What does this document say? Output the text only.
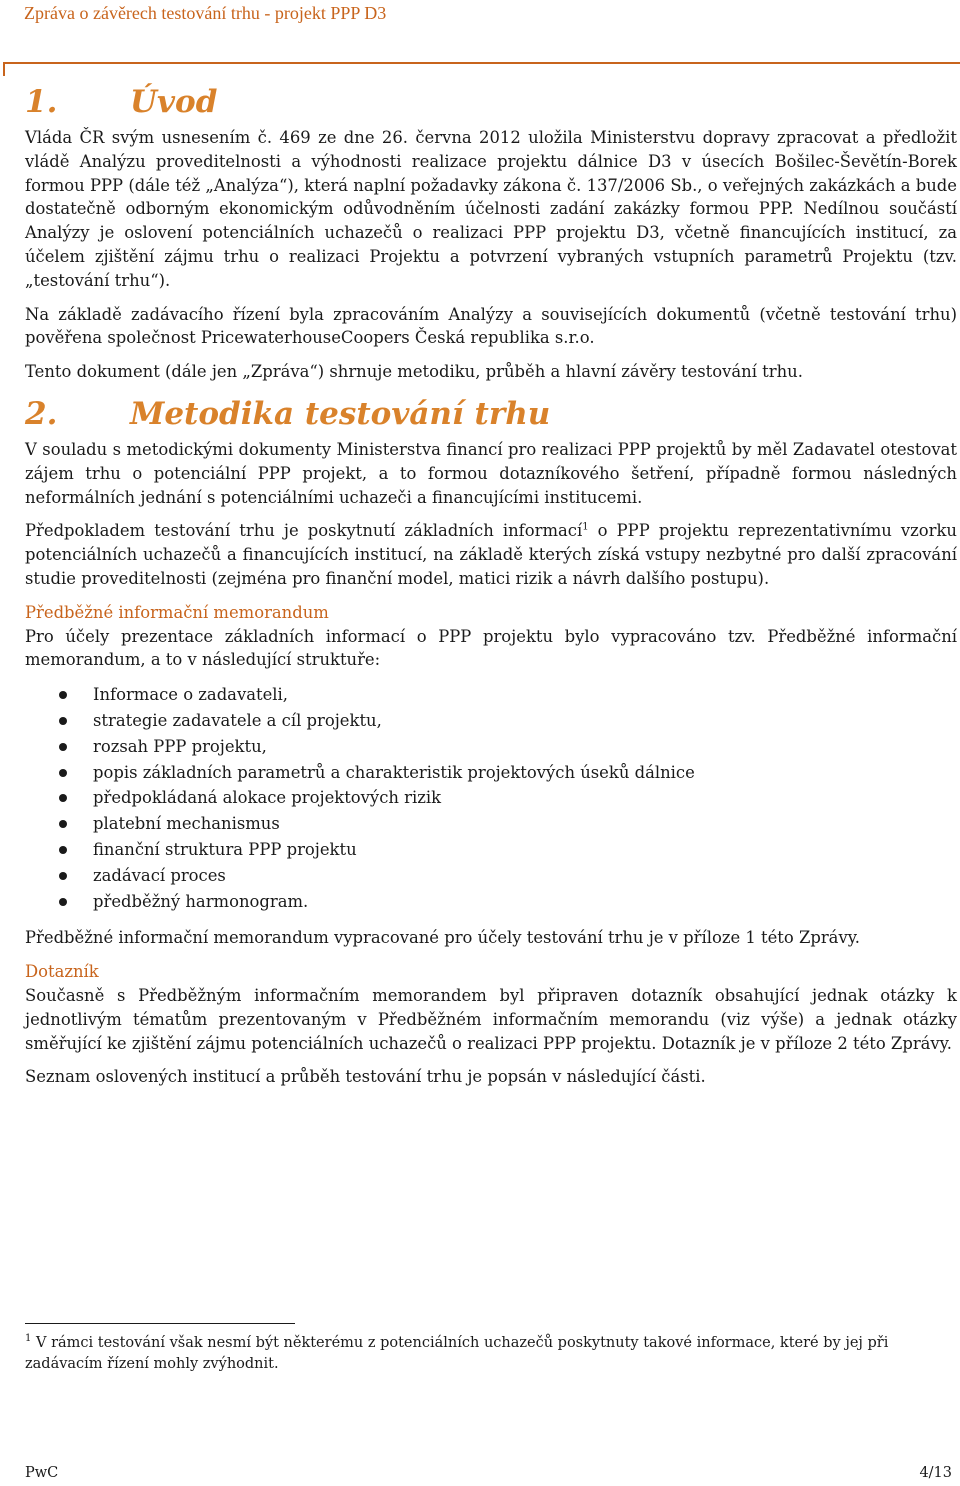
Zpráva o závěrech testování trhu - projekt PPP D3
1. Úvod

Vláda ČR svým usnesením č. 469 ze dne 26. června 2012 uložila Ministerstvu dopravy zpracovat a předložit vládě Analýzu proveditelnosti a výhodnosti realizace projektu dálnice D3 v úsecích Bošilec-Ševětín-Borek formou PPP (dále též „Analýza“), která naplní požadavky zákona č. 137/2006 Sb., o veřejných zakázkách a bude dostatečně odborným ekonomickým odůvodněním účelnosti zadání zakázky formou PPP. Nedílnou součástí Analýzy je oslovení potenciálních uchazečů o realizaci PPP projektu D3, včetně financujících institucí, za účelem zjištění zájmu trhu o realizaci Projektu a potvrzení vybraných vstupních parametrů Projektu (tzv. „testování trhu“).

Na základě zadávacího řízení byla zpracováním Analýzy a souvisejících dokumentů (včetně testování trhu) pověřena společnost PricewaterhouseCoopers Česká republika s.r.o.

Tento dokument (dále jen „Zpráva“) shrnuje metodiku, průběh a hlavní závěry testování trhu.

2. Metodika testování trhu

V souladu s metodickými dokumenty Ministerstva financí pro realizaci PPP projektů by měl Zadavatel otestovat zájem trhu o potenciální PPP projekt, a to formou dotazníkového šetření, případně formou následných neformálních jednání s potenciálními uchazeči a financujícími institucemi.

Předpokladem testování trhu je poskytnutí základních informací$^1$ o PPP projektu reprezentativnímu vzorku potenciálních uchazečů a financujících institucí, na základě kterých získá vstupy nezbytné pro další zpracování studie proveditelnosti (zejména pro finanční model, matici rizik a návrh dalšího postupu).

Předběžné informační memorandum

Pro účely prezentace základních informací o PPP projektu bylo vypracováno tzv. Předběžné informační memorandum, a to v následující struktuře:

Informace o zadavateli,
strategie zadavatele a cíl projektu,
rozsah PPP projektu,
popis základních parametrů a charakteristik projektových úseků dálnice
předpokládaná alokace projektových rizik
platební mechanismus
finanční struktura PPP projektu
zadávací proces
předběžný harmonogram.

Předběžné informační memorandum vypracované pro účely testování trhu je v příloze 1 této Zprávy.

Dotazník

Současně s Předběžným informačním memorandem byl připraven dotazník obsahující jednak otázky k jednotlivým tématům prezentovaným v Předběžném informačním memorandu (viz výše) a jednak otázky směřující ke zjištění zájmu potenciálních uchazečů o realizaci PPP projektu. Dotazník je v příloze 2 této Zprávy.

Seznam oslovených institucí a průběh testování trhu je popsán v následující části.

$^1$ V rámci testování však nesmí být některému z potenciálních uchazečů poskytnuty takové informace, které by jej při zadávacím řízení mohly zvýhodnit.
PwC	4/13
